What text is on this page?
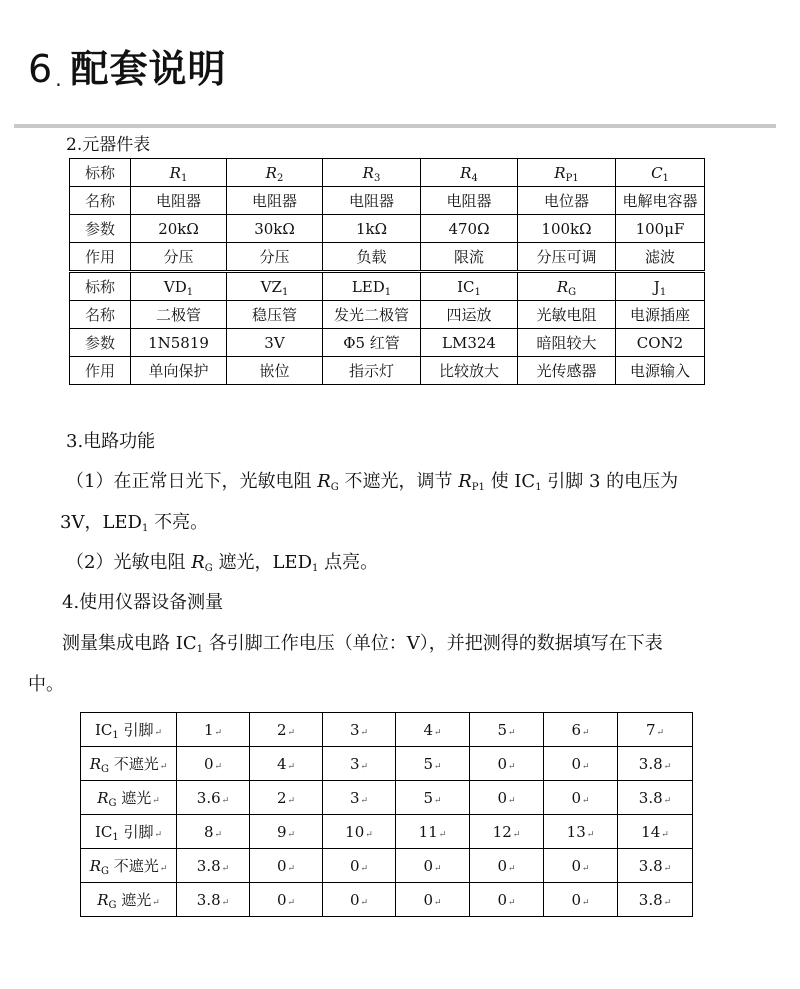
6 . 配套说明
2.元器件表
标称	$R_1$	$R_2$	$R_3$	$R_4$	$R_{P1}$	$C_1$
名称	电阻器	电阻器	电阻器	电阻器	电位器	电解电容器
参数	20kΩ	30kΩ	1kΩ	470Ω	100kΩ	100μF
作用	分压	分压	负载	限流	分压可调	滤波
标称	$VD_1$	$VZ_1$	$LED_1$	$IC_1$	$R_G$	$J_1$
名称	二极管	稳压管	发光二极管	四运放	光敏电阻	电源插座
参数	1N5819	3V	Φ5 红管	LM324	暗阻较大	CON2
作用	单向保护	嵌位	指示灯	比较放大	光传感器	电源输入
3.电路功能
（1）在正常日光下，光敏电阻 $R_G$ 不遮光，调节 $R_{P1}$ 使 $IC_1$ 引脚 3 的电压为
3V，$LED_1$ 不亮。
（2）光敏电阻 $R_G$ 遮光，$LED_1$ 点亮。
4.使用仪器设备测量
测量集成电路 $IC_1$ 各引脚工作电压（单位：V），并把测得的数据填写在下表
中。
$IC_1$ 引脚↵	1↵	2↵	3↵	4↵	5↵	6↵	7↵
$R_G$ 不遮光↵	0↵	4↵	3↵	5↵	0↵	0↵	3.8↵
$R_G$ 遮光↵	3.6↵	2↵	3↵	5↵	0↵	0↵	3.8↵
$IC_1$ 引脚↵	8↵	9↵	10↵	11↵	12↵	13↵	14↵
$R_G$ 不遮光↵	3.8↵	0↵	0↵	0↵	0↵	0↵	3.8↵
$R_G$ 遮光↵	3.8↵	0↵	0↵	0↵	0↵	0↵	3.8↵
